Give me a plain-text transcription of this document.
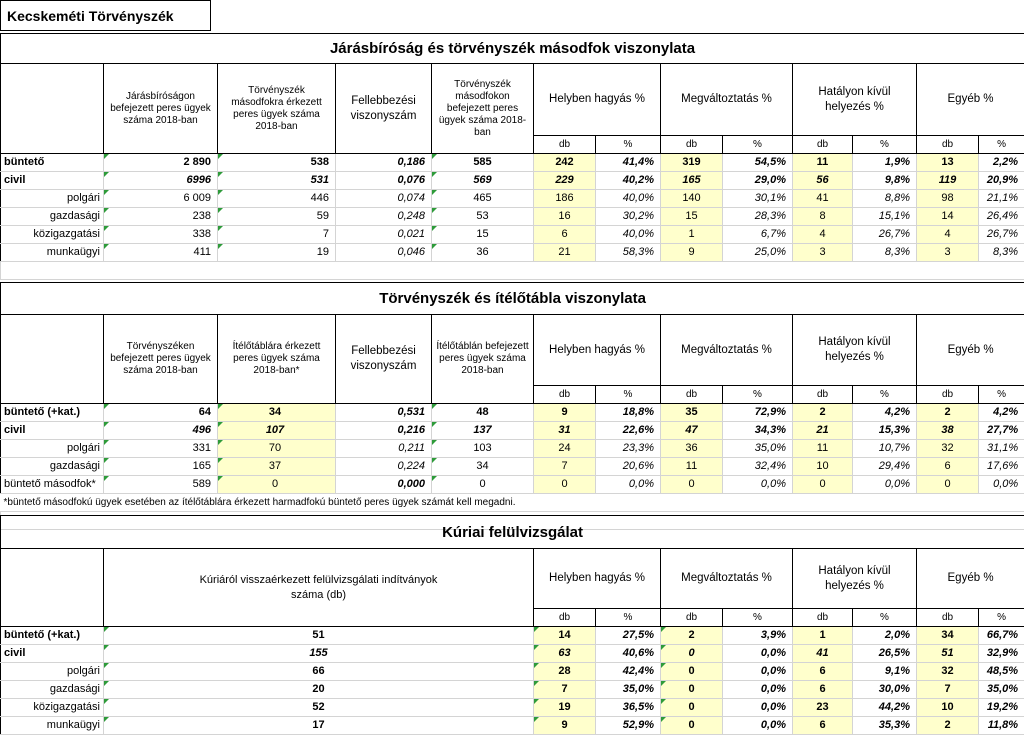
Kecskeméti Törvényszék
Járásbíróság és törvényszék másodfok viszonylata												
	Járásbíróságon befejezett peres ügyek száma 2018-ban	Törvényszék másodfokra érkezett peres ügyek száma 2018-ban	Fellebbezési viszonyszám	Törvényszék másodfokon befejezett peres ügyek száma 2018-ban	Helyben hagyás %		Megváltoztatás %		Hatályon kívül helyezés %		Egyéb %	
					db	%	db	%	db	%	db	%
büntető	2 890	538	0,186	585	242	41,4%	319	54,5%	11	1,9%	13	2,2%
civil	6996	531	0,076	569	229	40,2%	165	29,0%	56	9,8%	119	20,9%
polgári	6 009	446	0,074	465	186	40,0%	140	30,1%	41	8,8%	98	21,1%
gazdasági	238	59	0,248	53	16	30,2%	15	28,3%	8	15,1%	14	26,4%
közigazgatási	338	7	0,021	15	6	40,0%	1	6,7%	4	26,7%	4	26,7%
munkaügyi	411	19	0,046	36	21	58,3%	9	25,0%	3	8,3%	3	8,3%

Törvényszék és ítélőtábla viszonylata												
	Törvényszéken befejezett peres ügyek száma 2018-ban	Ítélőtáblára érkezett peres ügyek száma 2018-ban*	Fellebbezési viszonyszám	Ítélőtáblán befejezett peres ügyek száma 2018-ban	Helyben hagyás %		Megváltoztatás %		Hatályon kívül helyezés %		Egyéb %	
					db	%	db	%	db	%	db	%
büntető (+kat.)	64	34	0,531	48	9	18,8%	35	72,9%	2	4,2%	2	4,2%
civil	496	107	0,216	137	31	22,6%	47	34,3%	21	15,3%	38	27,7%
polgári	331	70	0,211	103	24	23,3%	36	35,0%	11	10,7%	32	31,1%
gazdasági	165	37	0,224	34	7	20,6%	11	32,4%	10	29,4%	6	17,6%
büntető másodfok*	589	0	0,000	0	0	0,0%	0	0,0%	0	0,0%	0	0,0%
*büntető másodfokú ügyek esetében az ítélőtáblára érkezett harmadfokú büntető peres ügyek számát kell megadni.												

Kúriai felülvizsgálat									
	Kúriáról visszaérkezett felülvizsgálati indítványok száma (db)	Helyben hagyás %		Megváltoztatás %		Hatályon kívül helyezés %		Egyéb %	
		db	%	db	%	db	%	db	%
büntető (+kat.)	51	14	27,5%	2	3,9%	1	2,0%	34	66,7%
civil	155	63	40,6%	0	0,0%	41	26,5%	51	32,9%
polgári	66	28	42,4%	0	0,0%	6	9,1%	32	48,5%
gazdasági	20	7	35,0%	0	0,0%	6	30,0%	7	35,0%
közigazgatási	52	19	36,5%	0	0,0%	23	44,2%	10	19,2%
munkaügyi	17	9	52,9%	0	0,0%	6	35,3%	2	11,8%
